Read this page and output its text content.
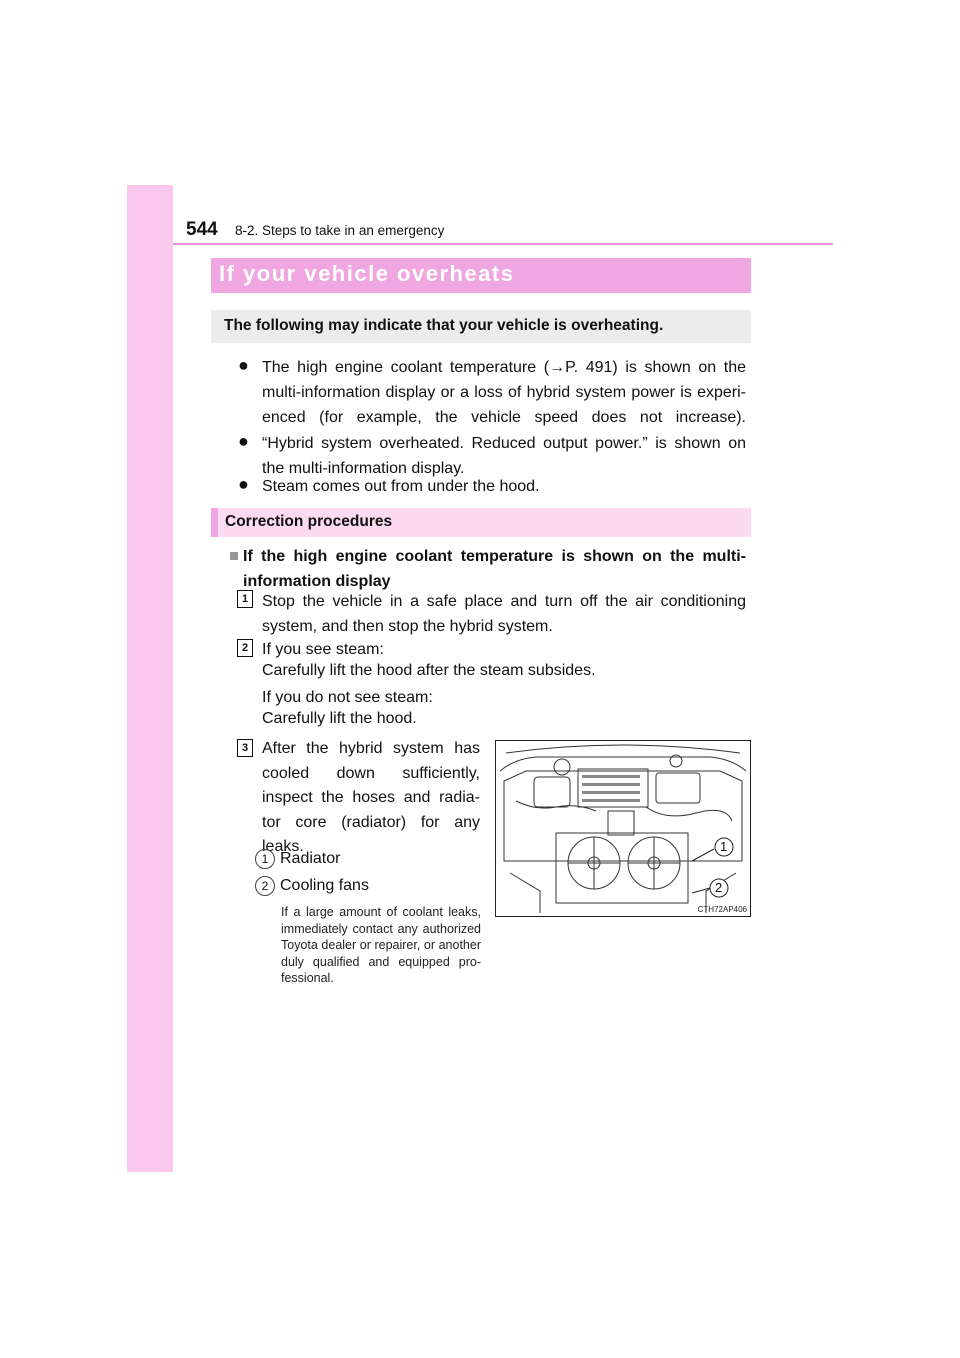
544 8-2. Steps to take in an emergency
If your vehicle overheats
The following may indicate that your vehicle is overheating.
● The high engine coolant temperature (→P. 491) is shown on the multi-information display or a loss of hybrid system power is experi-enced (for example, the vehicle speed does not increase).
● “Hybrid system overheated. Reduced output power.” is shown on the multi-information display.
● Steam comes out from under the hood.
Correction procedures
If the high engine coolant temperature is shown on the multi-information display
1 Stop the vehicle in a safe place and turn off the air conditioning system, and then stop the hybrid system.
2 If you see steam:
Carefully lift the hood after the steam subsides.
If you do not see steam:
Carefully lift the hood.
3 After the hybrid system has cooled down sufficiently, inspect the hoses and radia-tor core (radiator) for any leaks.
1 Radiator
2 Cooling fans
If a large amount of coolant leaks, immediately contact any authorized Toyota dealer or repairer, or another duly qualified and equipped pro-fessional.
1
2
CTH72AP406
